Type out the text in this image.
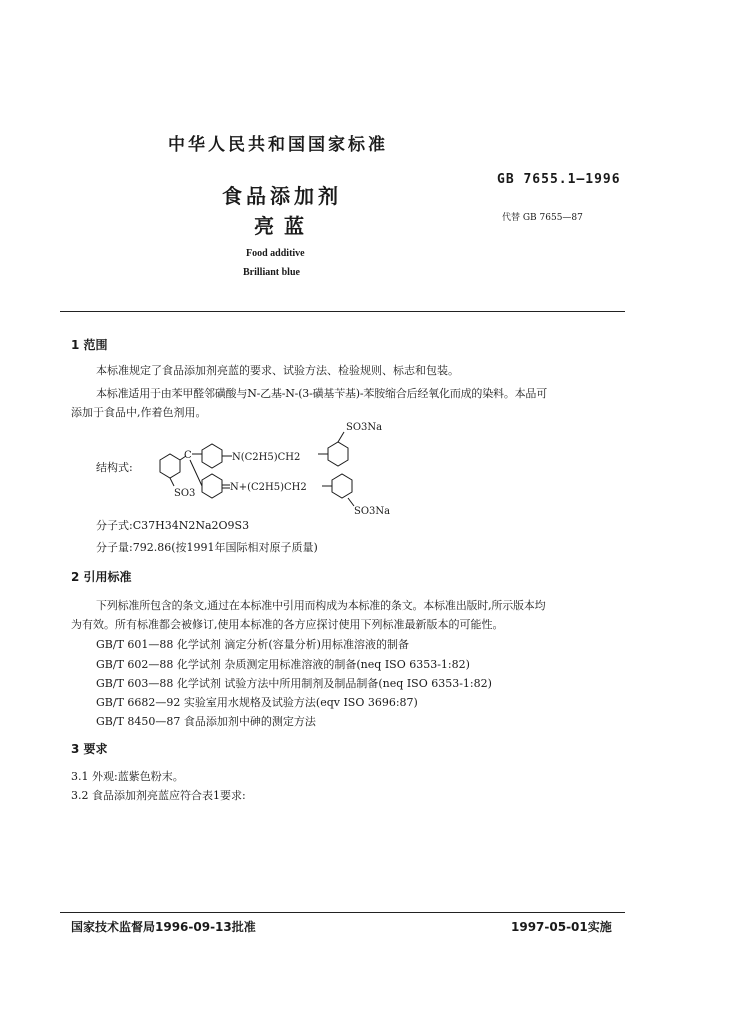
中华人民共和国国家标准
食品添加剂
亮蓝
GB 7655.1—1996
代替 GB 7655—87
Food additive
Brilliant blue
1 范围
本标准规定了食品添加剂亮蓝的要求、试验方法、检验规则、标志和包装。
本标准适用于由苯甲醛邻磺酸与N-乙基-N-(3-磺基苄基)-苯胺缩合后经氧化而成的染料。本品可
添加于食品中,作着色剂用。
结构式:
SO3Na
N(C2H5)CH2
C
SO3
N+(C2H5)CH2
SO3Na
分子式:C37H34N2Na2O9S3
分子量:792.86(按1991年国际相对原子质量)
2 引用标准
下列标准所包含的条文,通过在本标准中引用而构成为本标准的条文。本标准出版时,所示版本均
为有效。所有标准都会被修订,使用本标准的各方应探讨使用下列标准最新版本的可能性。
GB/T 601—88 化学试剂 滴定分析(容量分析)用标准溶液的制备
GB/T 602—88 化学试剂 杂质测定用标准溶液的制备(neq ISO 6353-1:82)
GB/T 603—88 化学试剂 试验方法中所用制剂及制品制备(neq ISO 6353-1:82)
GB/T 6682—92 实验室用水规格及试验方法(eqv ISO 3696:87)
GB/T 8450—87 食品添加剂中砷的测定方法
3 要求
3.1 外观:蓝紫色粉末。
3.2 食品添加剂亮蓝应符合表1要求:
国家技术监督局1996-09-13批准	1997-05-01实施
